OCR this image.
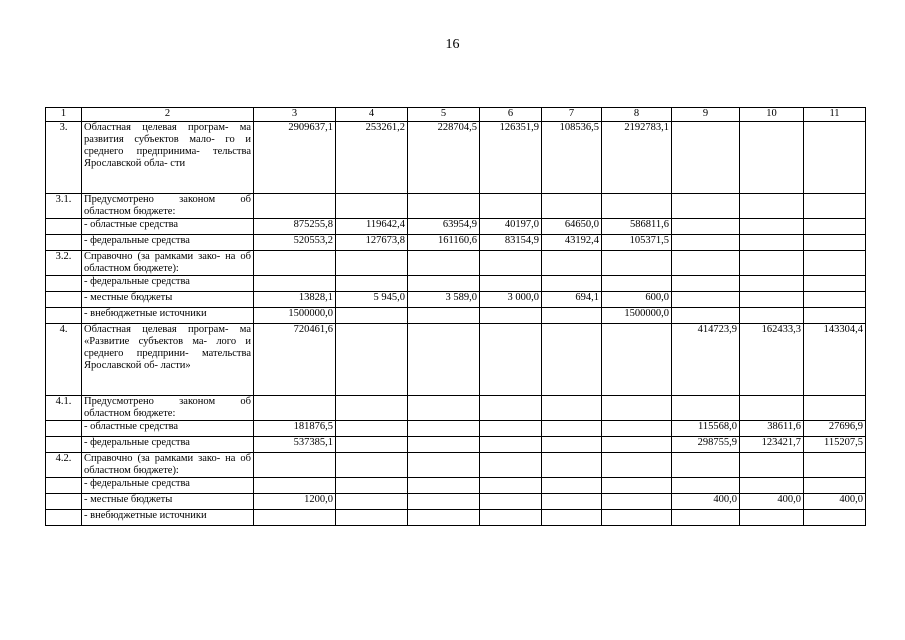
16
1	2	3	4	5	6	7	8	9	10	11
3.	Областная целевая програм- ма развития субъектов мало- го и среднего предпринима- тельства Ярославской обла- сти	2909637,1	253261,2	228704,5	126351,9	108536,5	2192783,1			
3.1.	Предусмотрено законом об областном бюджете:									
	- областные средства	875255,8	119642,4	63954,9	40197,0	64650,0	586811,6			
	- федеральные средства	520553,2	127673,8	161160,6	83154,9	43192,4	105371,5			
3.2.	Справочно (за рамками зако- на об областном бюджете):									
	- федеральные средства									
	- местные бюджеты	13828,1	5 945,0	3 589,0	3 000,0	694,1	600,0			
	- внебюджетные источники	1500000,0					1500000,0			
4.	Областная целевая програм- ма «Развитие субъектов ма- лого и среднего предприни- мательства Ярославской об- ласти»	720461,6						414723,9	162433,3	143304,4
4.1.	Предусмотрено законом об областном бюджете:									
	- областные средства	181876,5						115568,0	38611,6	27696,9
	- федеральные средства	537385,1						298755,9	123421,7	115207,5
4.2.	Справочно (за рамками зако- на об областном бюджете):									
	- федеральные средства									
	- местные бюджеты	1200,0						400,0	400,0	400,0
	- внебюджетные источники									
